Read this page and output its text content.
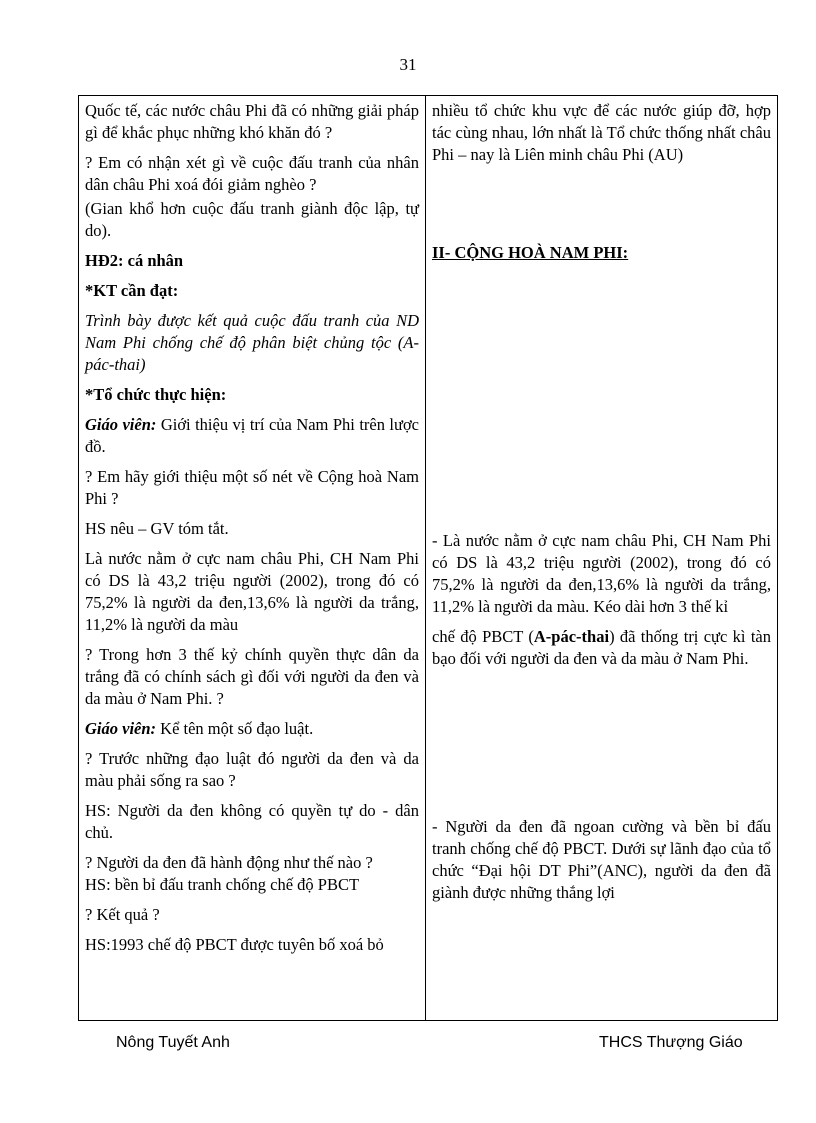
31

Quốc tế, các nước châu Phi đã có những giải pháp gì để khắc phục những khó khăn đó ?

? Em có nhận xét gì về cuộc đấu tranh của nhân dân châu Phi xoá đói giảm nghèo ?

(Gian khổ hơn cuộc đấu tranh giành độc lập, tự do).

HĐ2: cá nhân

*KT cần đạt:

Trình bày được kết quả cuộc đấu tranh của ND Nam Phi chống chế độ phân biệt chủng tộc (A-pác-thai)

*Tổ chức thực hiện:

Giáo viên: Giới thiệu vị trí của Nam Phi trên lược đồ.

? Em hãy giới thiệu một số nét về Cộng hoà Nam Phi ?

HS nêu – GV tóm tắt.

Là nước nằm ở cực nam châu Phi, CH Nam Phi có DS là 43,2 triệu người (2002), trong đó có 75,2% là người da đen,13,6% là người da trắng, 11,2% là người da màu

? Trong hơn 3 thế kỷ chính quyền thực dân da trắng đã có chính sách gì đối với người da đen và da màu ở Nam Phi. ?

Giáo viên: Kể tên một số đạo luật.

? Trước những đạo luật đó người da đen và da màu phải sống ra sao ?

HS: Người da đen không có quyền tự do - dân chủ.

? Người da đen đã hành động như thế nào ?

HS: bền bỉ đấu tranh chống chế độ PBCT

? Kết quả ?

HS:1993 chế độ PBCT được tuyên bố xoá bỏ

nhiều tổ chức khu vực để các nước giúp đỡ, hợp tác cùng nhau, lớn nhất là Tổ chức thống nhất châu Phi – nay là Liên minh châu Phi (AU)

II- CỘNG HOÀ NAM PHI:

- Là nước nằm ở cực nam châu Phi, CH Nam Phi có DS là 43,2 triệu người (2002), trong đó có 75,2% là người da đen,13,6% là người da trắng, 11,2% là người da màu. Kéo dài hơn 3 thế kỉ

chế độ PBCT (A-pác-thai) đã thống trị cực kì tàn bạo đối với người da đen và da màu ở Nam Phi.

- Người da đen đã ngoan cường và bền bỉ đấu tranh chống chế độ PBCT. Dưới sự lãnh đạo của tổ chức “Đại hội DT Phi”(ANC), người da đen đã giành được những thắng lợi

Nông Tuyết Anh	THCS Thượng Giáo
